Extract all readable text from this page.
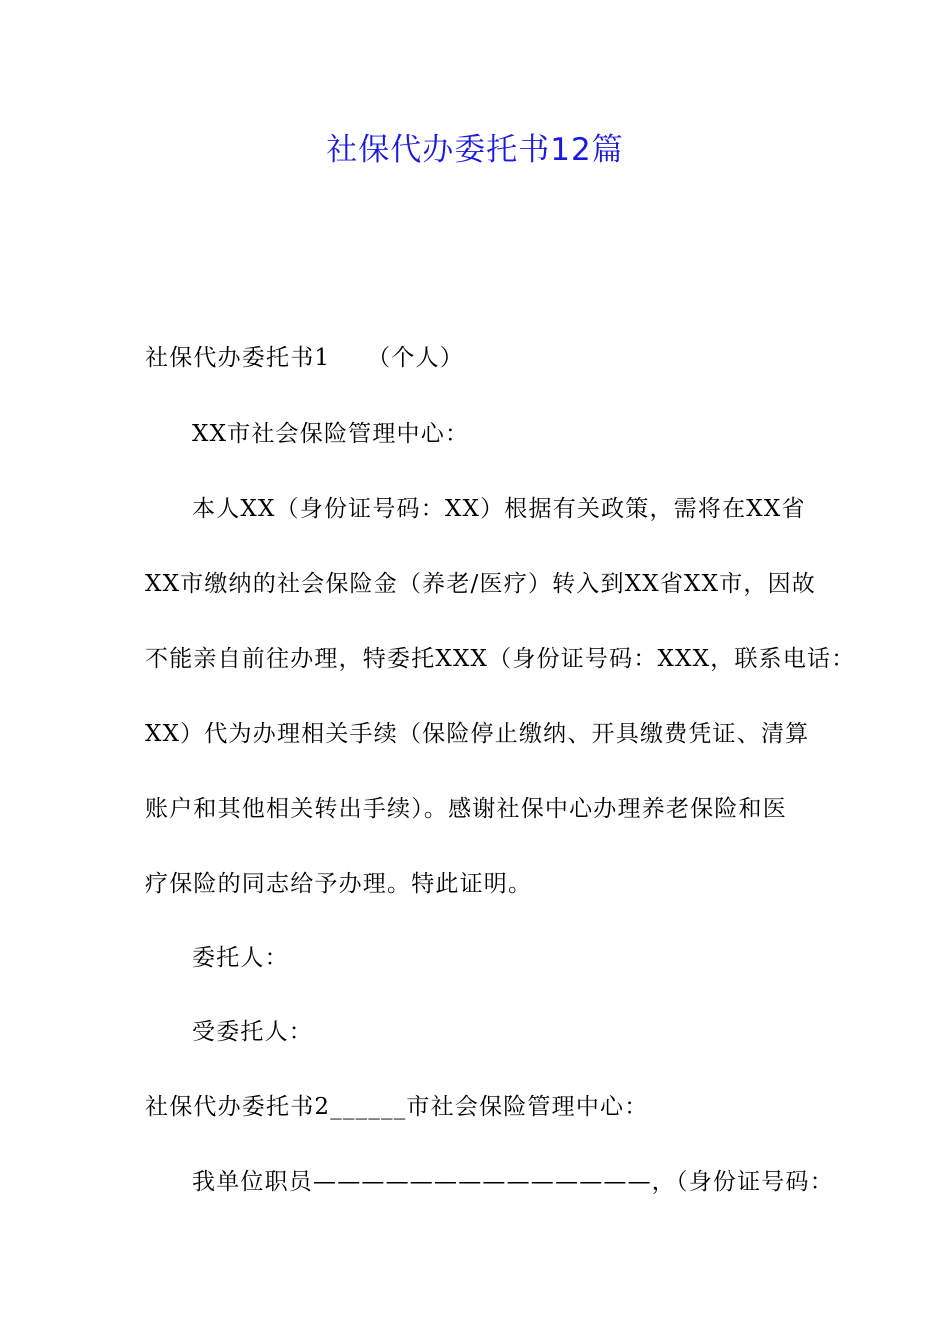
社保代办委托书12篇
社保代办委托书1　　（个人）
XX市社会保险管理中心：
本人XX（身份证号码：XX）根据有关政策，需将在XX省
XX市缴纳的社会保险金（养老/医疗）转入到XX省XX市，因故
不能亲自前往办理，特委托XXX（身份证号码：XXX，联系电话：
XX）代为办理相关手续（保险停止缴纳、开具缴费凭证、清算
账户和其他相关转出手续）。感谢社保中心办理养老保险和医
疗保险的同志给予办理。特此证明。
委托人：
受委托人：
社保代办委托书2______市社会保险管理中心：
我单位职员——————————————，（身份证号码：
